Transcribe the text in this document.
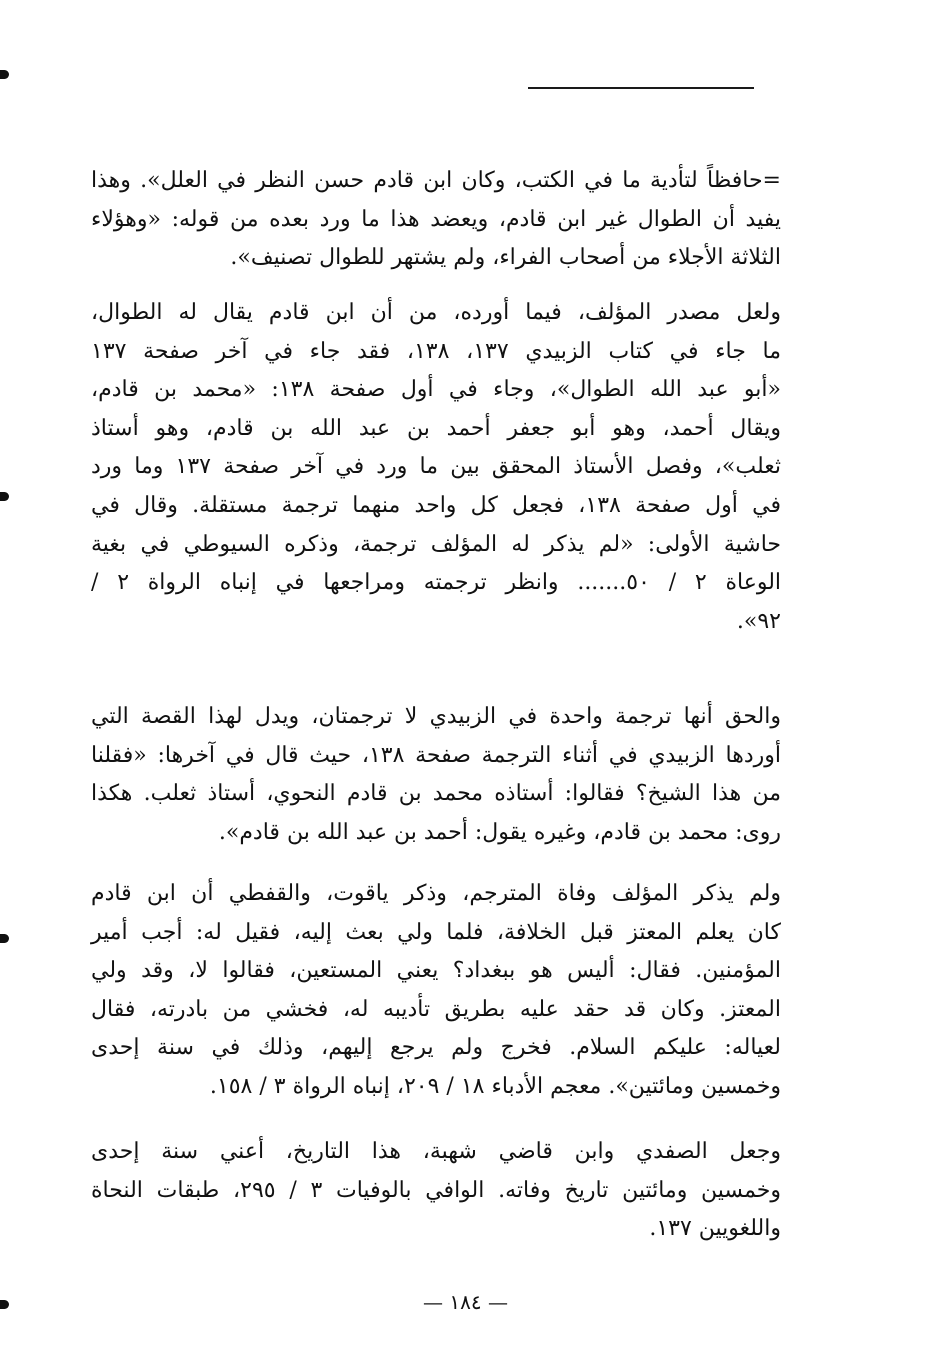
=حافظاً لتأدية ما في الكتب، وكان ابن قادم حسن النظر في العلل». وهذا
يفيد أن الطوال غير ابن قادم، ويعضد هذا ما ورد بعده من قوله: «وهؤلاء
الثلاثة الأجلاء من أصحاب الفراء، ولم يشتهر للطوال تصنيف».
ولعل مصدر المؤلف، فيما أورده، من أن ابن قادم يقال له الطوال،
ما جاء في كتاب الزبيدي ١٣٧، ١٣٨، فقد جاء في آخر صفحة ١٣٧
«أبو عبد الله الطوال»، وجاء في أول صفحة ١٣٨: «محمد بن قادم،
ويقال أحمد، وهو أبو جعفر أحمد بن عبد الله بن قادم، وهو أستاذ
ثعلب»، وفصل الأستاذ المحقق بين ما ورد في آخر صفحة ١٣٧ وما ورد
في أول صفحة ١٣٨، فجعل كل واحد منهما ترجمة مستقلة. وقال في
حاشية الأولى: «لم يذكر له المؤلف ترجمة، وذكره السيوطي في بغية
الوعاة ٢ / ٥٠....... وانظر ترجمته ومراجعها في إنباه الرواة ٢ /
٩٢».
والحق أنها ترجمة واحدة في الزبيدي لا ترجمتان، ويدل لهذا القصة التي
أوردها الزبيدي في أثناء الترجمة صفحة ١٣٨، حيث قال في آخرها: «فقلنا
من هذا الشيخ؟ فقالوا: أستاذه محمد بن قادم النحوي، أستاذ ثعلب. هكذا
روى: محمد بن قادم، وغيره يقول: أحمد بن عبد الله بن قادم».
ولم يذكر المؤلف وفاة المترجم، وذكر ياقوت، والقفطي أن ابن قادم
كان يعلم المعتز قبل الخلافة، فلما ولي بعث إليه، فقيل له: أجب أمير
المؤمنين. فقال: أليس هو ببغداد؟ يعني المستعين، فقالوا لا، وقد ولي
المعتز. وكان قد حقد عليه بطريق تأديبه له، فخشي من بادرته، فقال
لعياله: عليكم السلام. فخرج ولم يرجع إليهم، وذلك في سنة إحدى
وخمسين ومائتين». معجم الأدباء ١٨ / ٢٠٩، إنباه الرواة ٣ / ١٥٨.
وجعل الصفدي وابن قاضي شهبة، هذا التاريخ، أعني سنة إحدى
وخمسين ومائتين تاريخ وفاته. الوافي بالوفيات ٣ / ٢٩٥، طبقات النحاة
واللغويين ١٣٧.
— ١٨٤ —
